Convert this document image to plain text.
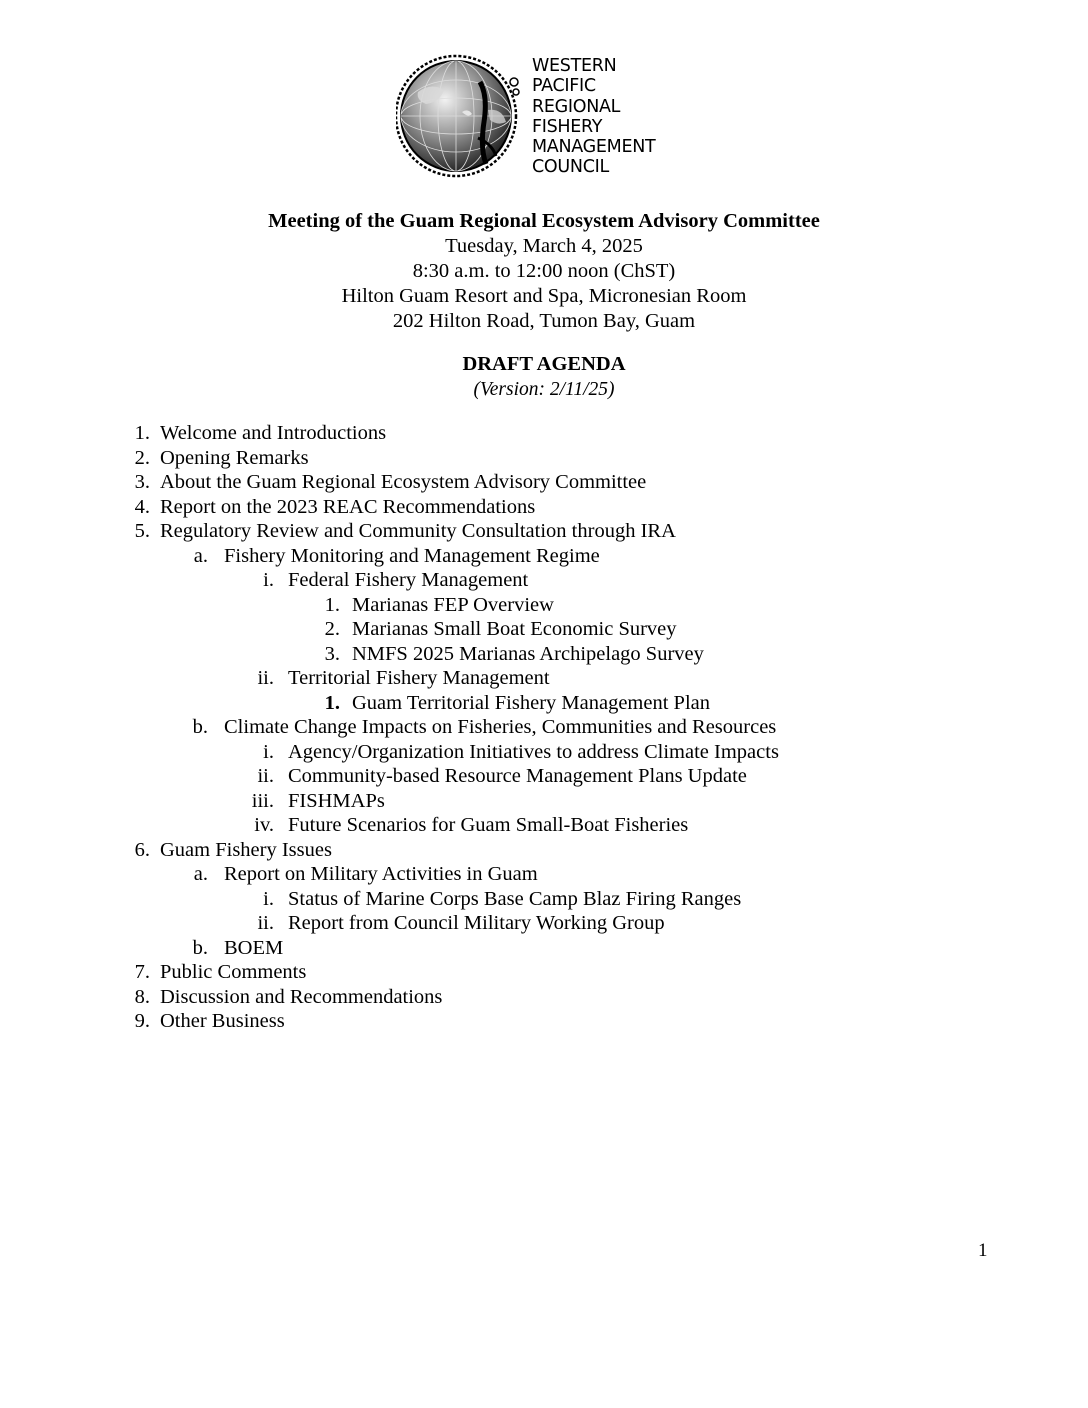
WESTERN
PACIFIC
REGIONAL
FISHERY
MANAGEMENT
COUNCIL
Meeting of the Guam Regional Ecosystem Advisory Committee
Tuesday, March 4, 2025
8:30 a.m. to 12:00 noon (ChST)
Hilton Guam Resort and Spa, Micronesian Room
202 Hilton Road, Tumon Bay, Guam
DRAFT AGENDA
(Version: 2/11/25)
1. Welcome and Introductions
2. Opening Remarks
3. About the Guam Regional Ecosystem Advisory Committee
4. Report on the 2023 REAC Recommendations
5. Regulatory Review and Community Consultation through IRA
a. Fishery Monitoring and Management Regime
i. Federal Fishery Management
1. Marianas FEP Overview
2. Marianas Small Boat Economic Survey
3. NMFS 2025 Marianas Archipelago Survey
ii. Territorial Fishery Management
1. Guam Territorial Fishery Management Plan
b. Climate Change Impacts on Fisheries, Communities and Resources
i. Agency/Organization Initiatives to address Climate Impacts
ii. Community-based Resource Management Plans Update
iii. FISHMAPs
iv. Future Scenarios for Guam Small-Boat Fisheries
6. Guam Fishery Issues
a. Report on Military Activities in Guam
i. Status of Marine Corps Base Camp Blaz Firing Ranges
ii. Report from Council Military Working Group
b. BOEM
7. Public Comments
8. Discussion and Recommendations
9. Other Business
1
